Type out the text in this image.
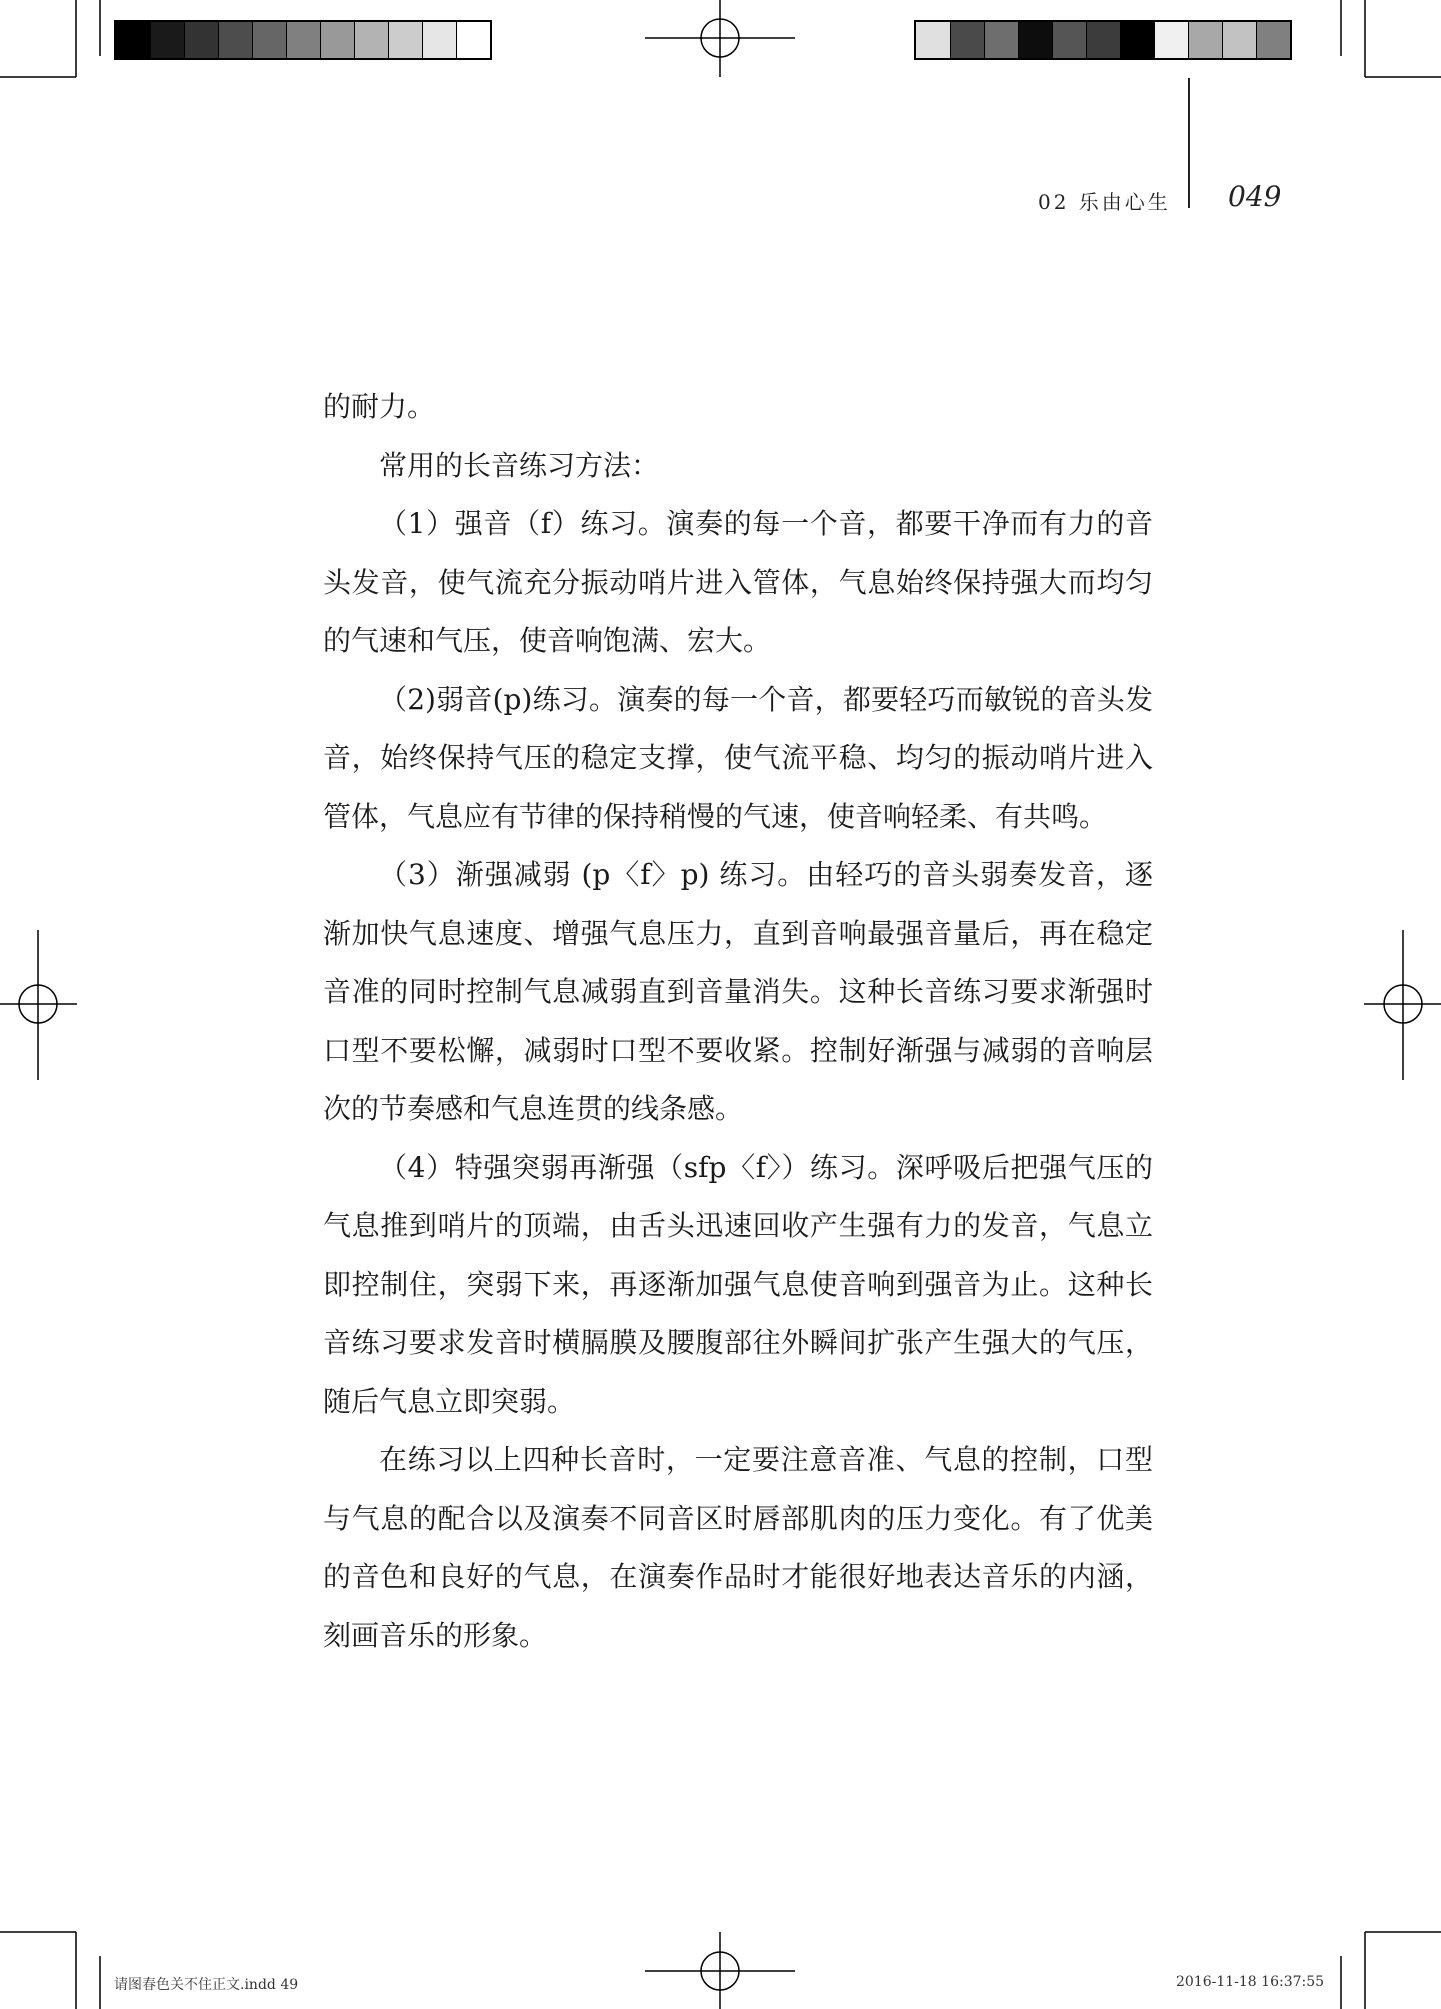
02 乐由心生 049

的耐力。

常用的长音练习方法：

（1）强音（f）练习。演奏的每一个音，都要干净而有力的音头发音，使气流充分振动哨片进入管体，气息始终保持强大而均匀的气速和气压，使音响饱满、宏大。

（2)弱音(p)练习。演奏的每一个音，都要轻巧而敏锐的音头发音，始终保持气压的稳定支撑，使气流平稳、均匀的振动哨片进入管体，气息应有节律的保持稍慢的气速，使音响轻柔、有共鸣。

（3）渐强减弱 (p〈f〉p) 练习。由轻巧的音头弱奏发音，逐渐加快气息速度、增强气息压力，直到音响最强音量后，再在稳定音准的同时控制气息减弱直到音量消失。这种长音练习要求渐强时口型不要松懈，减弱时口型不要收紧。控制好渐强与减弱的音响层次的节奏感和气息连贯的线条感。

（4）特强突弱再渐强（sfp〈f〉）练习。深呼吸后把强气压的气息推到哨片的顶端，由舌头迅速回收产生强有力的发音，气息立即控制住，突弱下来，再逐渐加强气息使音响到强音为止。这种长音练习要求发音时横膈膜及腰腹部往外瞬间扩张产生强大的气压，随后气息立即突弱。

在练习以上四种长音时，一定要注意音准、气息的控制，口型与气息的配合以及演奏不同音区时唇部肌肉的压力变化。有了优美的音色和良好的气息，在演奏作品时才能很好地表达音乐的内涵，刻画音乐的形象。

请图春色关不住正文.indd 49	2016-11-18 16:37:55
